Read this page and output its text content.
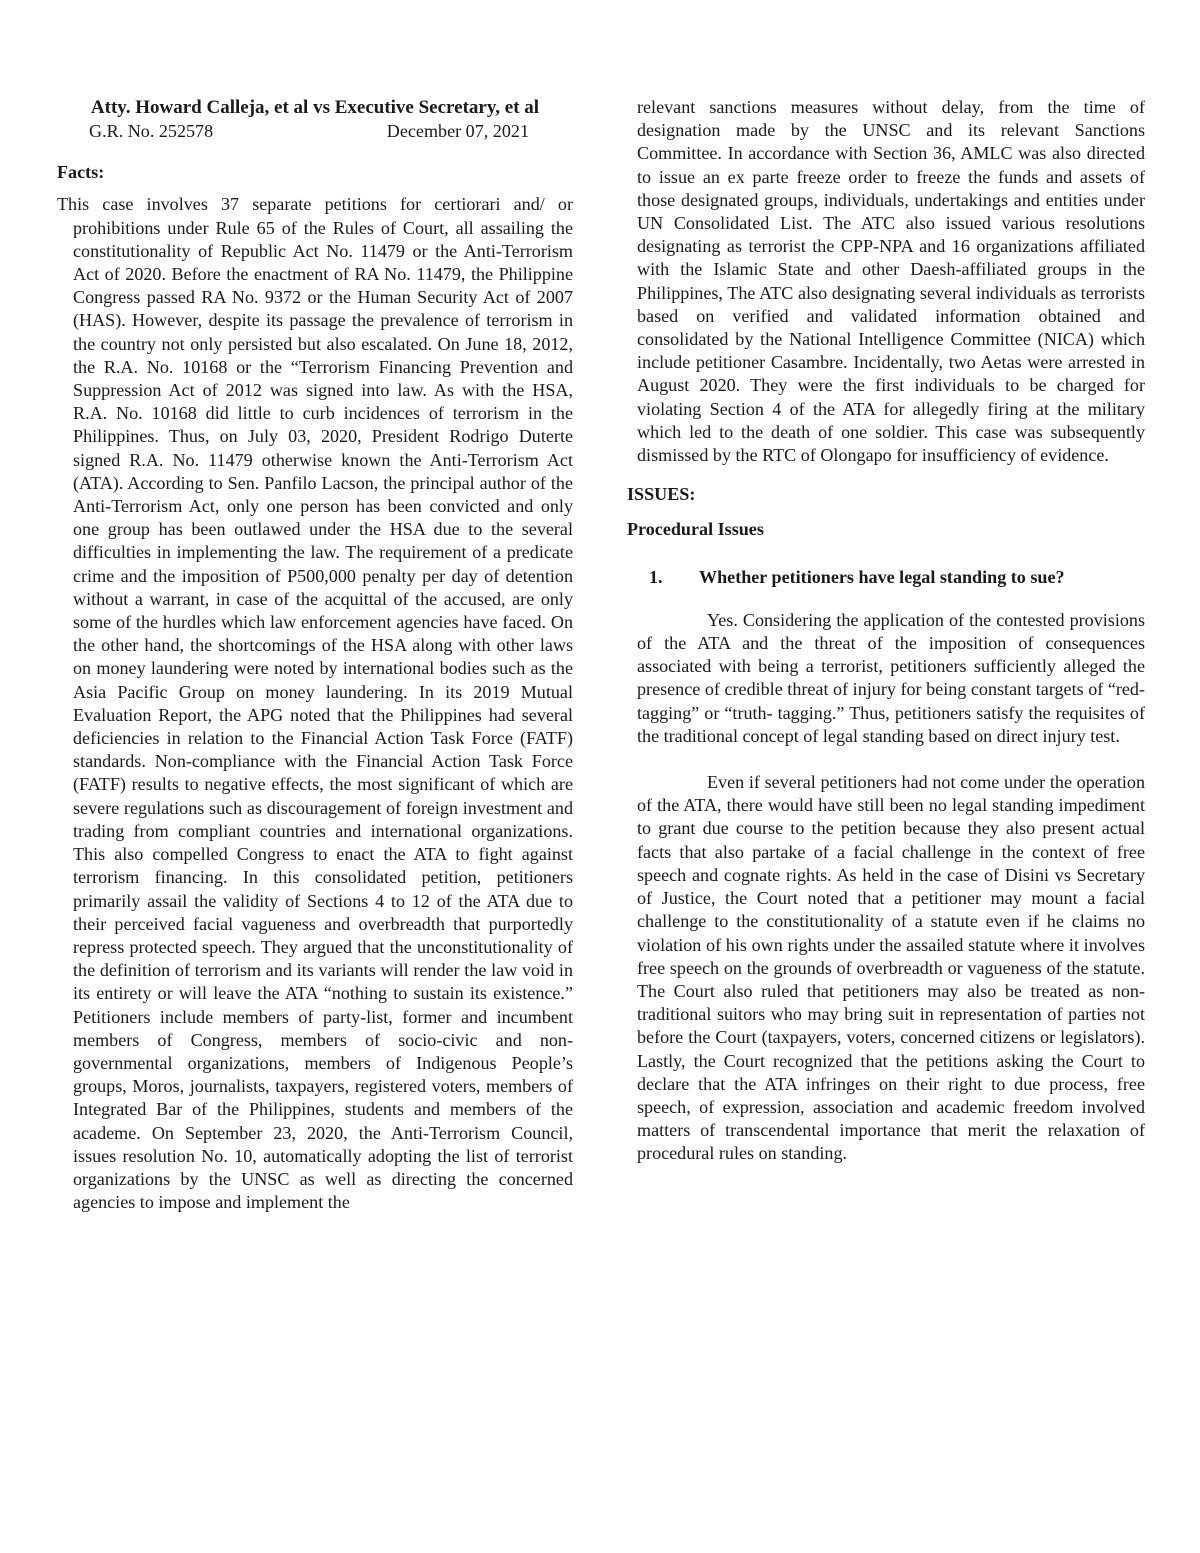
Atty. Howard Calleja, et al vs Executive Secretary, et al

G.R. No. 252578	December 07, 2021

Facts:

This case involves 37 separate petitions for certiorari and/ or prohibitions under Rule 65 of the Rules of Court, all assailing the constitutionality of Republic Act No. 11479 or the Anti-Terrorism Act of 2020. Before the enactment of RA No. 11479, the Philippine Congress passed RA No. 9372 or the Human Security Act of 2007 (HAS). However, despite its passage the prevalence of terrorism in the country not only persisted but also escalated. On June 18, 2012, the R.A. No. 10168 or the “Terrorism Financing Prevention and Suppression Act of 2012 was signed into law. As with the HSA, R.A. No. 10168 did little to curb incidences of terrorism in the Philippines. Thus, on July 03, 2020, President Rodrigo Duterte signed R.A. No. 11479 otherwise known the Anti-Terrorism Act (ATA). According to Sen. Panfilo Lacson, the principal author of the Anti-Terrorism Act, only one person has been convicted and only one group has been outlawed under the HSA due to the several difficulties in implementing the law. The requirement of a predicate crime and the imposition of P500,000 penalty per day of detention without a warrant, in case of the acquittal of the accused, are only some of the hurdles which law enforcement agencies have faced. On the other hand, the shortcomings of the HSA along with other laws on money laundering were noted by international bodies such as the Asia Pacific Group on money laundering. In its 2019 Mutual Evaluation Report, the APG noted that the Philippines had several deficiencies in relation to the Financial Action Task Force (FATF) standards. Non-compliance with the Financial Action Task Force (FATF) results to negative effects, the most significant of which are severe regulations such as discouragement of foreign investment and trading from compliant countries and international organizations. This also compelled Congress to enact the ATA to fight against terrorism financing. In this consolidated petition, petitioners primarily assail the validity of Sections 4 to 12 of the ATA due to their perceived facial vagueness and overbreadth that purportedly repress protected speech. They argued that the unconstitutionality of the definition of terrorism and its variants will render the law void in its entirety or will leave the ATA “nothing to sustain its existence.” Petitioners include members of party-list, former and incumbent members of Congress, members of socio-civic and non-governmental organizations, members of Indigenous People’s groups, Moros, journalists, taxpayers, registered voters, members of Integrated Bar of the Philippines, students and members of the academe. On September 23, 2020, the Anti-Terrorism Council, issues resolution No. 10, automatically adopting the list of terrorist organizations by the UNSC as well as directing the concerned agencies to impose and implement the

relevant sanctions measures without delay, from the time of designation made by the UNSC and its relevant Sanctions Committee. In accordance with Section 36, AMLC was also directed to issue an ex parte freeze order to freeze the funds and assets of those designated groups, individuals, undertakings and entities under UN Consolidated List. The ATC also issued various resolutions designating as terrorist the CPP-NPA and 16 organizations affiliated with the Islamic State and other Daesh-affiliated groups in the Philippines, The ATC also designating several individuals as terrorists based on verified and validated information obtained and consolidated by the National Intelligence Committee (NICA) which include petitioner Casambre. Incidentally, two Aetas were arrested in August 2020. They were the first individuals to be charged for violating Section 4 of the ATA for allegedly firing at the military which led to the death of one soldier. This case was subsequently dismissed by the RTC of Olongapo for insufficiency of evidence.

ISSUES:

Procedural Issues

1.	Whether petitioners have legal standing to sue?

Yes. Considering the application of the contested provisions of the ATA and the threat of the imposition of consequences associated with being a terrorist, petitioners sufficiently alleged the presence of credible threat of injury for being constant targets of “red-tagging” or “truth- tagging.” Thus, petitioners satisfy the requisites of the traditional concept of legal standing based on direct injury test.

Even if several petitioners had not come under the operation of the ATA, there would have still been no legal standing impediment to grant due course to the petition because they also present actual facts that also partake of a facial challenge in the context of free speech and cognate rights. As held in the case of Disini vs Secretary of Justice, the Court noted that a petitioner may mount a facial challenge to the constitutionality of a statute even if he claims no violation of his own rights under the assailed statute where it involves free speech on the grounds of overbreadth or vagueness of the statute. The Court also ruled that petitioners may also be treated as non-traditional suitors who may bring suit in representation of parties not before the Court (taxpayers, voters, concerned citizens or legislators). Lastly, the Court recognized that the petitions asking the Court to declare that the ATA infringes on their right to due process, free speech, of expression, association and academic freedom involved matters of transcendental importance that merit the relaxation of procedural rules on standing.
